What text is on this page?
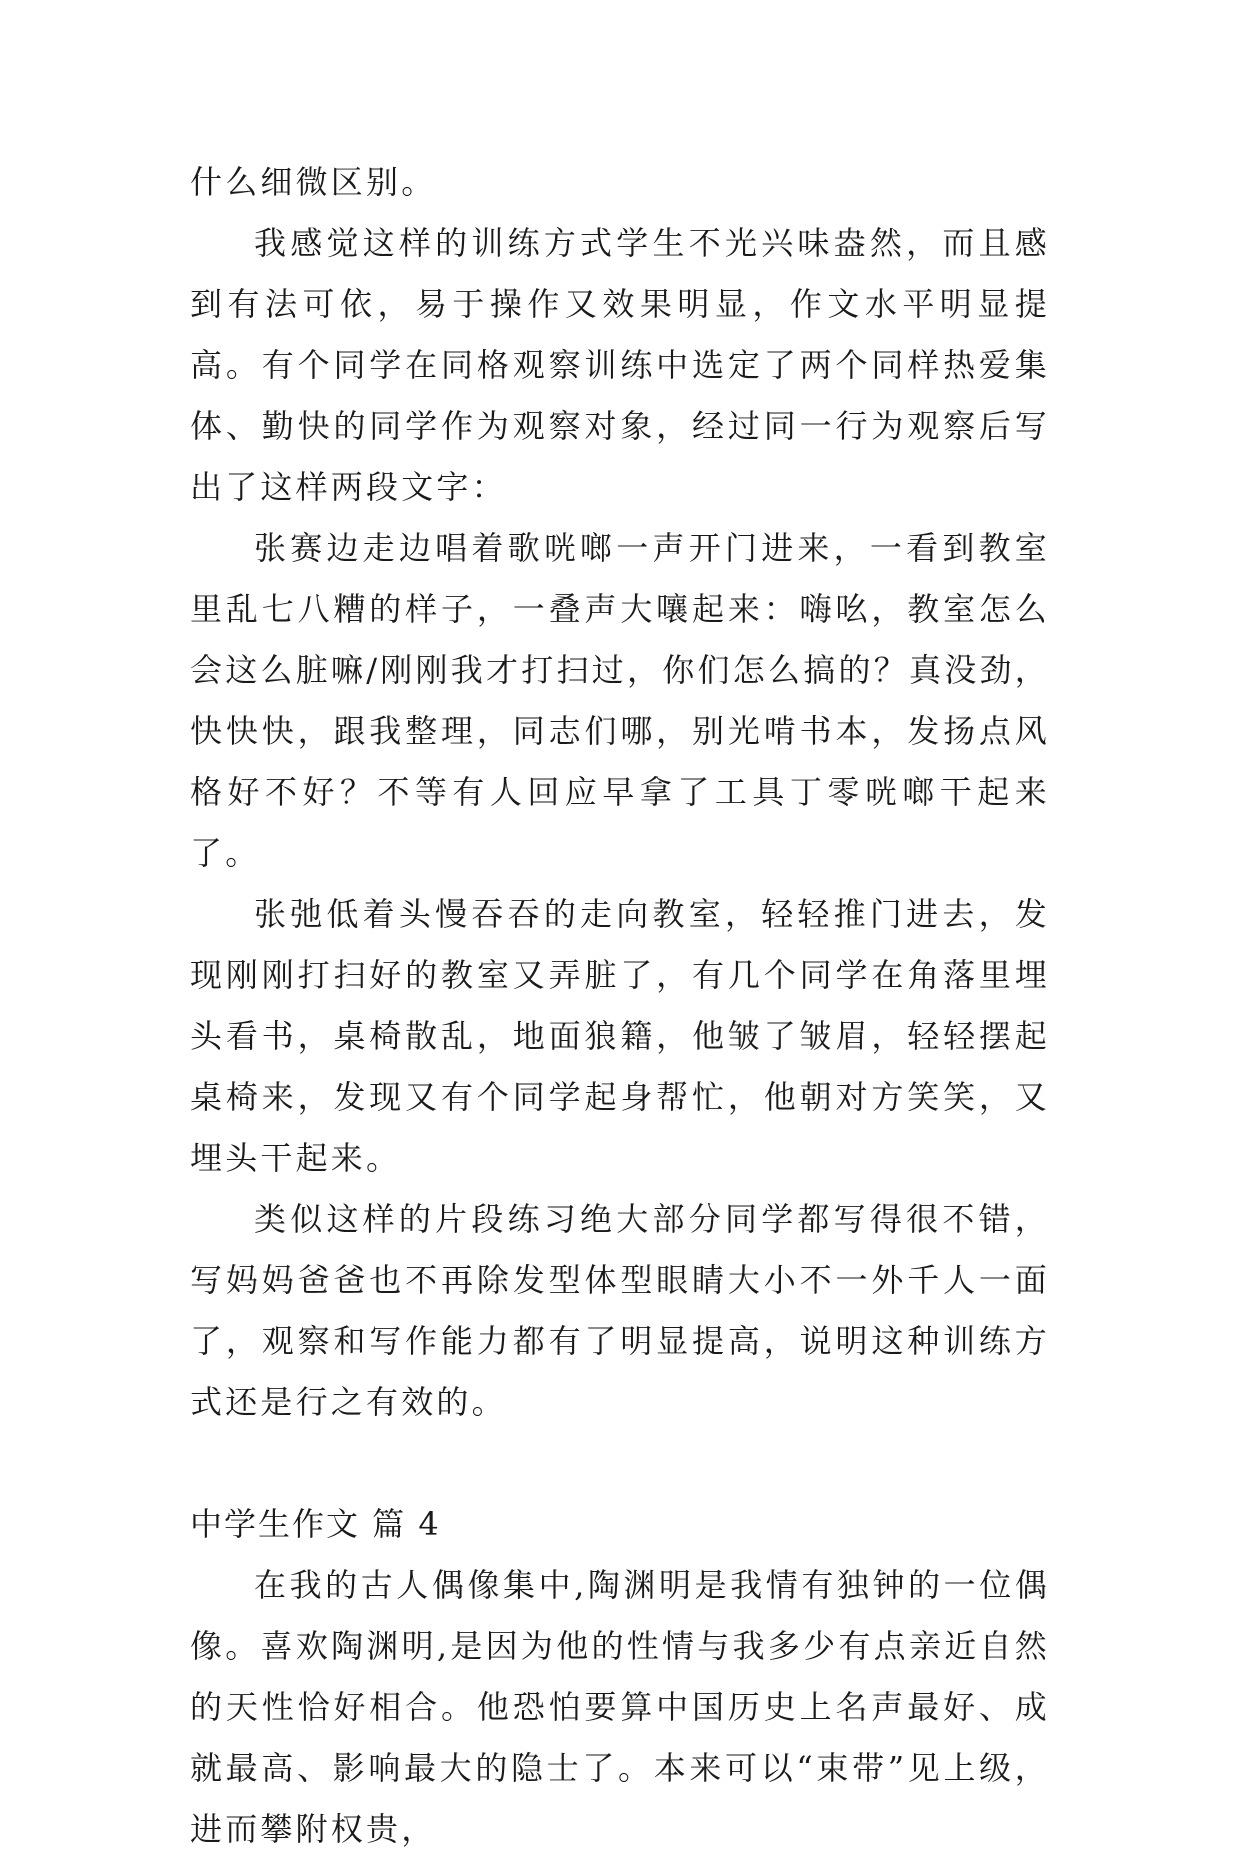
什么细微区别。

我感觉这样的训练方式学生不光兴味盎然，而且感到有法可依，易于操作又效果明显，作文水平明显提高。有个同学在同格观察训练中选定了两个同样热爱集体、勤快的同学作为观察对象，经过同一行为观察后写出了这样两段文字：

张赛边走边唱着歌咣啷一声开门进来，一看到教室里乱七八糟的样子，一叠声大嚷起来：嗨吆，教室怎么会这么脏嘛/刚刚我才打扫过，你们怎么搞的？真没劲，快快快，跟我整理，同志们哪，别光啃书本，发扬点风格好不好？不等有人回应早拿了工具丁零咣啷干起来了。

张弛低着头慢吞吞的走向教室，轻轻推门进去，发现刚刚打扫好的教室又弄脏了，有几个同学在角落里埋头看书，桌椅散乱，地面狼籍，他皱了皱眉，轻轻摆起桌椅来，发现又有个同学起身帮忙，他朝对方笑笑，又埋头干起来。

类似这样的片段练习绝大部分同学都写得很不错，写妈妈爸爸也不再除发型体型眼睛大小不一外千人一面了，观察和写作能力都有了明显提高，说明这种训练方式还是行之有效的。

中学生作文 篇 4

在我的古人偶像集中,陶渊明是我情有独钟的一位偶像。喜欢陶渊明,是因为他的性情与我多少有点亲近自然的天性恰好相合。他恐怕要算中国历史上名声最好、成就最高、影响最大的隐士了。本来可以“束带”见上级，进而攀附权贵，
